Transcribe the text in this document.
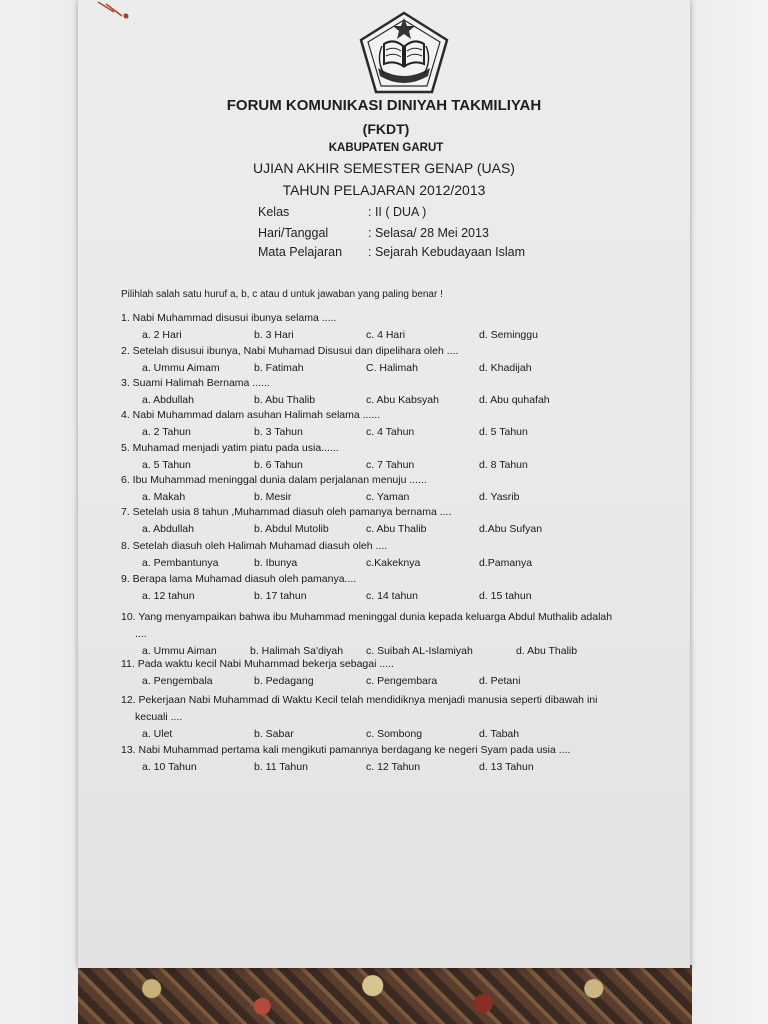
FORUM KOMUNIKASI DINIYAH TAKMILIYAH
(FKDT)
KABUPATEN GARUT
UJIAN AKHIR SEMESTER GENAP (UAS)
TAHUN PELAJARAN 2012/2013
Kelas	: II ( DUA )
Hari/Tanggal	: Selasa/ 28 Mei 2013
Mata Pelajaran : Sejarah Kebudayaan Islam
Pilihlah salah satu huruf a, b, c atau d untuk jawaban yang paling benar !
1. Nabi Muhammad disusui ibunya selama .....
a. 2 Hari	b. 3 Hari	c. 4 Hari	d. Seminggu
2. Setelah disusui ibunya, Nabi Muhamad Disusui dan dipelihara oleh ....
a. Ummu Aimam	b. Fatimah	C. Halimah	d. Khadijah
3. Suami Halimah Bernama ......
a. Abdullah	b. Abu Thalib	c. Abu Kabsyah	d. Abu quhafah
4. Nabi Muhammad dalam asuhan Halimah selama ......
a. 2 Tahun	b. 3 Tahun	c. 4 Tahun	d. 5 Tahun
5. Muhamad menjadi yatim piatu pada usia......
a. 5 Tahun	b. 6 Tahun	c. 7 Tahun	d. 8 Tahun
6. Ibu Muhammad meninggal dunia dalam perjalanan menuju ......
a. Makah	b. Mesir	c. Yaman	d. Yasrib
7. Setelah usia 8 tahun ,Muhammad diasuh oleh pamanya bernama ....
a. Abdullah	b. Abdul Mutolib	c. Abu Thalib	d.Abu Sufyan
8. Setelah diasuh oleh Halimah Muhamad diasuh oleh ....
a. Pembantunya	b. Ibunya	c.Kakeknya	d.Pamanya
9. Berapa lama Muhamad diasuh oleh pamanya....
a. 12 tahun	b. 17 tahun	c. 14 tahun	d. 15 tahun
10. Yang menyampaikan bahwa ibu Muhammad meninggal dunia kepada keluarga Abdul Muthalib adalah
....
a. Ummu Aiman	b. Halimah Sa'diyah c. Suibah AL-Islamiyah	d. Abu Thalib
11. Pada waktu kecil Nabi Muhammad bekerja sebagai .....
a. Pengembala	b. Pedagang	c. Pengembara	d. Petani
12. Pekerjaan Nabi Muhammad di Waktu Kecil telah mendidiknya menjadi manusia seperti dibawah ini
kecuali ....
a. Ulet	b. Sabar	c. Sombong	d. Tabah
13. Nabi Muhammad pertama kali mengikuti pamannya berdagang ke negeri Syam pada usia ....
a. 10 Tahun	b. 11 Tahun	c. 12 Tahun	d. 13 Tahun
